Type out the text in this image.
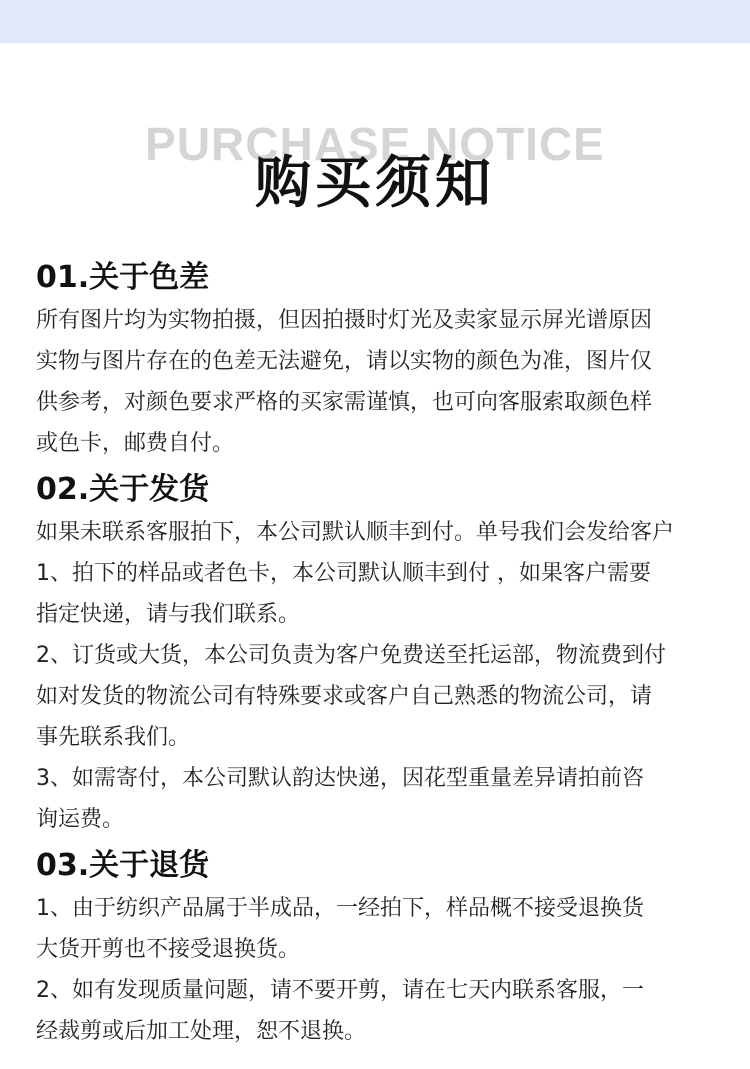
PURCHASE NOTICE
购买须知
01.关于色差

所有图片均为实物拍摄，但因拍摄时灯光及卖家显示屏光谱原因
实物与图片存在的色差无法避免，请以实物的颜色为准，图片仅
供参考，对颜色要求严格的买家需谨慎，也可向客服索取颜色样
或色卡，邮费自付。

02.关于发货

如果未联系客服拍下，本公司默认顺丰到付。单号我们会发给客户

1、拍下的样品或者色卡，本公司默认顺丰到付 ，如果客户需要
指定快递，请与我们联系。

2、订货或大货，本公司负责为客户免费送至托运部，物流费到付
如对发货的物流公司有特殊要求或客户自己熟悉的物流公司，请
事先联系我们。

3、如需寄付，本公司默认韵达快递，因花型重量差异请拍前咨
询运费。

03.关于退货

1、由于纺织产品属于半成品，一经拍下，样品概不接受退换货
大货开剪也不接受退换货。

2、如有发现质量问题，请不要开剪，请在七天内联系客服，一
经裁剪或后加工处理，恕不退换。
